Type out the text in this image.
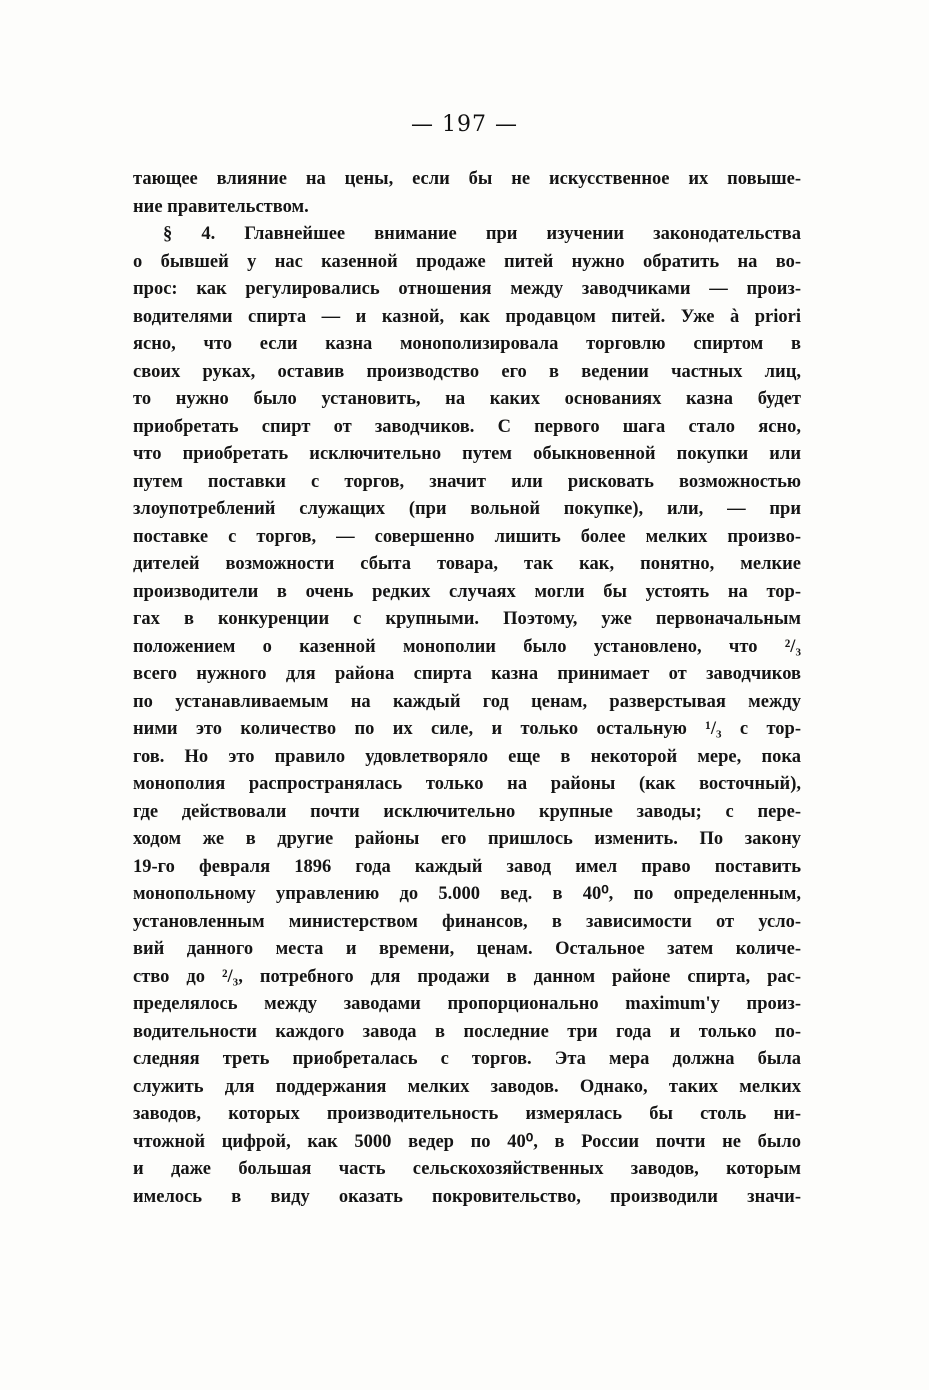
— 197 —
тающее влияние на цены, если бы не искусственное их повыше-
ние правительством.
§ 4. Главнейшее внимание при изучении законодательства
о бывшей у нас казенной продаже питей нужно обратить на во-
прос: как регулировались отношения между заводчиками — произ-
водителями спирта — и казной, как продавцом питей. Уже à priori
ясно, что если казна монополизировала торговлю спиртом в
своих руках, оставив производство его в ведении частных лиц,
то нужно было установить, на каких основаниях казна будет
приобретать спирт от заводчиков. С первого шага стало ясно,
что приобретать исключительно путем обыкновенной покупки или
путем поставки с торгов, значит или рисковать возможностью
злоупотреблений служащих (при вольной покупке), или, — при
поставке с торгов, — совершенно лишить более мелких произво-
дителей возможности сбыта товара, так как, понятно, мелкие
производители в очень редких случаях могли бы устоять на тор-
гах в конкуренции с крупными. Поэтому, уже первоначальным
положением о казенной монополии было установлено, что ²/₃
всего нужного для района спирта казна принимает от заводчиков
по устанавливаемым на каждый год ценам, разверстывая между
ними это количество по их силе, и только остальную ¹/₃ с тор-
гов. Но это правило удовлетворяло еще в некоторой мере, пока
монополия распространялась только на районы (как восточный),
где действовали почти исключительно крупные заводы; с пере-
ходом же в другие районы его пришлось изменить. По закону
19-го февраля 1896 года каждый завод имел право поставить
монопольному управлению до 5.000 вед. в 40⁰, по определенным,
установленным министерством финансов, в зависимости от усло-
вий данного места и времени, ценам. Остальное затем количе-
ство до ²/₃, потребного для продажи в данном районе спирта, рас-
пределялось между заводами пропорционально maximum'у произ-
водительности каждого завода в последние три года и только по-
следняя треть приобреталась с торгов. Эта мера должна была
служить для поддержания мелких заводов. Однако, таких мелких
заводов, которых производительность измерялась бы столь ни-
чтожной цифрой, как 5000 ведер по 40⁰, в России почти не было
и даже большая часть сельскохозяйственных заводов, которым
имелось в виду оказать покровительство, производили значи-
